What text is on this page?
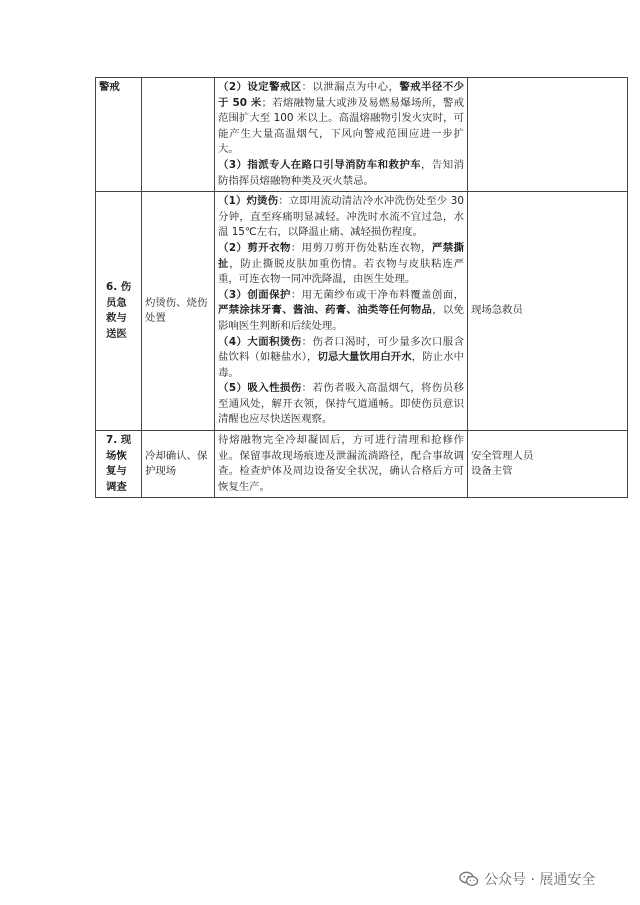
警戒		（2）设定警戒区：以泄漏点为中心，警戒半径不少于 50 米；若熔融物量大或涉及易燃易爆场所，警戒范围扩大至 100 米以上。高温熔融物引发火灾时，可能产生大量高温烟气，下风向警戒范围应进一步扩大。
（3）指派专人在路口引导消防车和救护车，告知消防指挥员熔融物种类及灭火禁忌。	

6. 伤员急救与送医	灼烫伤、烧伤处置	（1）灼烫伤：立即用流动清洁冷水冲洗伤处至少 30 分钟，直至疼痛明显减轻。冲洗时水流不宜过急，水温 15℃左右，以降温止痛、减轻损伤程度。
（2）剪开衣物：用剪刀剪开伤处粘连衣物，严禁撕扯，防止撕脱皮肤加重伤情。若衣物与皮肤粘连严重，可连衣物一同冲洗降温，由医生处理。
（3）创面保护：用无菌纱布或干净布料覆盖创面，严禁涂抹牙膏、酱油、药膏、油类等任何物品，以免影响医生判断和后续处理。
（4）大面积烫伤：伤者口渴时，可少量多次口服含盐饮料（如糖盐水），切忌大量饮用白开水，防止水中毒。
（5）吸入性损伤：若伤者吸入高温烟气，将伤员移至通风处，解开衣领，保持气道通畅。即使伤员意识清醒也应尽快送医观察。	现场急救员
7. 现场恢复与调查	冷却确认、保护现场	待熔融物完全冷却凝固后，方可进行清理和抢修作业。保留事故现场痕迹及泄漏流淌路径，配合事故调查。检查炉体及周边设备安全状况，确认合格后方可恢复生产。	安全管理人员
设备主管
公众号 · 展通安全
